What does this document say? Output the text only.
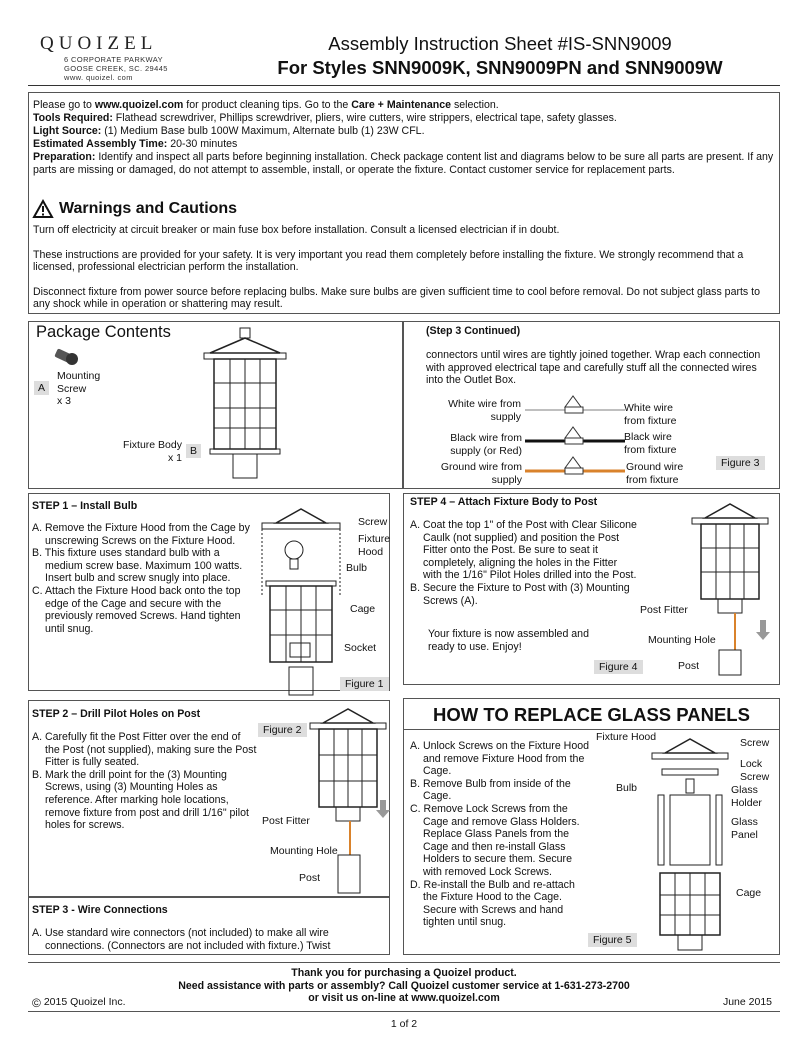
QUOIZEL
6 CORPORATE PARKWAY
GOOSE CREEK, SC. 29445
www. quoizel. com
Assembly Instruction Sheet #IS-SNN9009
For Styles SNN9009K, SNN9009PN and SNN9009W

Please go to www.quoizel.com for product cleaning tips. Go to the Care + Maintenance selection.

Tools Required: Flathead screwdriver, Phillips screwdriver, pliers, wire cutters, wire strippers, electrical tape, safety glasses.

Light Source: (1) Medium Base bulb 100W Maximum, Alternate bulb (1) 23W CFL.

Estimated Assembly Time: 20-30 minutes

Preparation: Identify and inspect all parts before beginning installation. Check package content list and diagrams below to be sure all parts are present. If any parts are missing or damaged, do not attempt to assemble, install, or operate the fixture. Contact customer service for replacement parts.

Warnings and Cautions

Turn off electricity at circuit breaker or main fuse box before installation. Consult a licensed electrician if in doubt.

These instructions are provided for your safety. It is very important you read them completely before installing the fixture. We strongly recommend that a licensed, professional electrician perform the installation.

Disconnect fixture from power source before replacing bulbs. Make sure bulbs are given sufficient time to cool before removal. Do not subject glass parts to any shock while in operation or shattering may result.

Package Contents
A
Mounting
Screw
x 3
Fixture Body
x 1
B
(Step 3 Continued)
connectors until wires are tightly joined together. Wrap each connection with approved electrical tape and carefully stuff all the connected wires into the Outlet Box.
White wire from supply
White wire from fixture
Black wire from supply (or Red)
Black wire from fixture
Ground wire from supply
Ground wire from fixture
Figure 3
STEP 1 – Install Bulb

A. Remove the Fixture Hood from the Cage by unscrewing Screws on the Fixture Hood.

B. This fixture uses standard bulb with a medium screw base. Maximum 100 watts. Insert bulb and screw snugly into place.

C. Attach the Fixture Hood back onto the top edge of the Cage and secure with the previously removed Screws. Hand tighten until snug.

Screw
Fixture Hood
Bulb
Cage
Socket
Figure 1
STEP 4 – Attach Fixture Body to Post

A. Coat the top 1" of the Post with Clear Silicone Caulk (not supplied) and position the Post Fitter onto the Post. Be sure to seat it completely, aligning the holes in the Fitter with the 1/16" Pilot Holes drilled into the Post.

B. Secure the Fixture to Post with (3) Mounting Screws (A).

Your fixture is now assembled and ready to use. Enjoy!
Post Fitter
Mounting Hole
Post
Figure 4
STEP 2 – Drill Pilot Holes on Post

A. Carefully fit the Post Fitter over the end of the Post (not supplied), making sure the Post Fitter is fully seated.

B. Mark the drill point for the (3) Mounting Screws, using (3) Mounting Holes as reference. After marking hole locations, remove fixture from post and drill 1/16" pilot holes for screws.

Figure 2
Post Fitter
Mounting Hole
Post
STEP 3 - Wire Connections

A. Use standard wire connectors (not included) to make all wire connections. (Connectors are not included with fixture.) Twist

HOW TO REPLACE GLASS PANELS

A. Unlock Screws on the Fixture Hood and remove Fixture Hood from the Cage.

B. Remove Bulb from inside of the Cage.

C. Remove Lock Screws from the Cage and remove Glass Holders. Replace Glass Panels from the Cage and then re-install Glass Holders to secure them. Secure with removed Lock Screws.

D. Re-install the Bulb and re-attach the Fixture Hood to the Cage. Secure with Screws and hand tighten until snug.

Fixture Hood	Screw
Lock Screw
Bulb	Glass Holder
Glass Panel
Cage
Figure 5
Thank you for purchasing a Quoizel product.
Need assistance with parts or assembly? Call Quoizel customer service at 1-631-273-2700
or visit us on-line at www.quoizel.com
© 2015 Quoizel Inc.	June 2015
1 of 2
